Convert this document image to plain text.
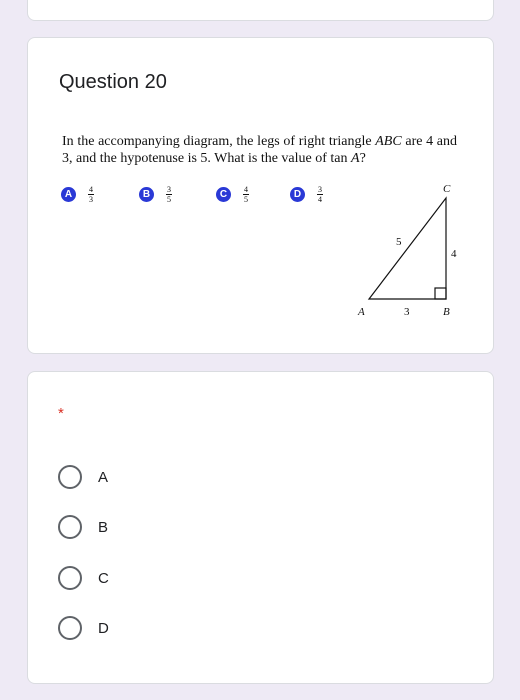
Question 20
In the accompanying diagram, the legs of right triangle ABC are 4 and 3, and the hypotenuse is 5. What is the value of tan A?
A	$\frac{4}{3}$	B	$\frac{3}{5}$	C	$\frac{4}{5}$	D	$\frac{3}{4}$	C
A	B
5
4
3
*
A
B
C
D
